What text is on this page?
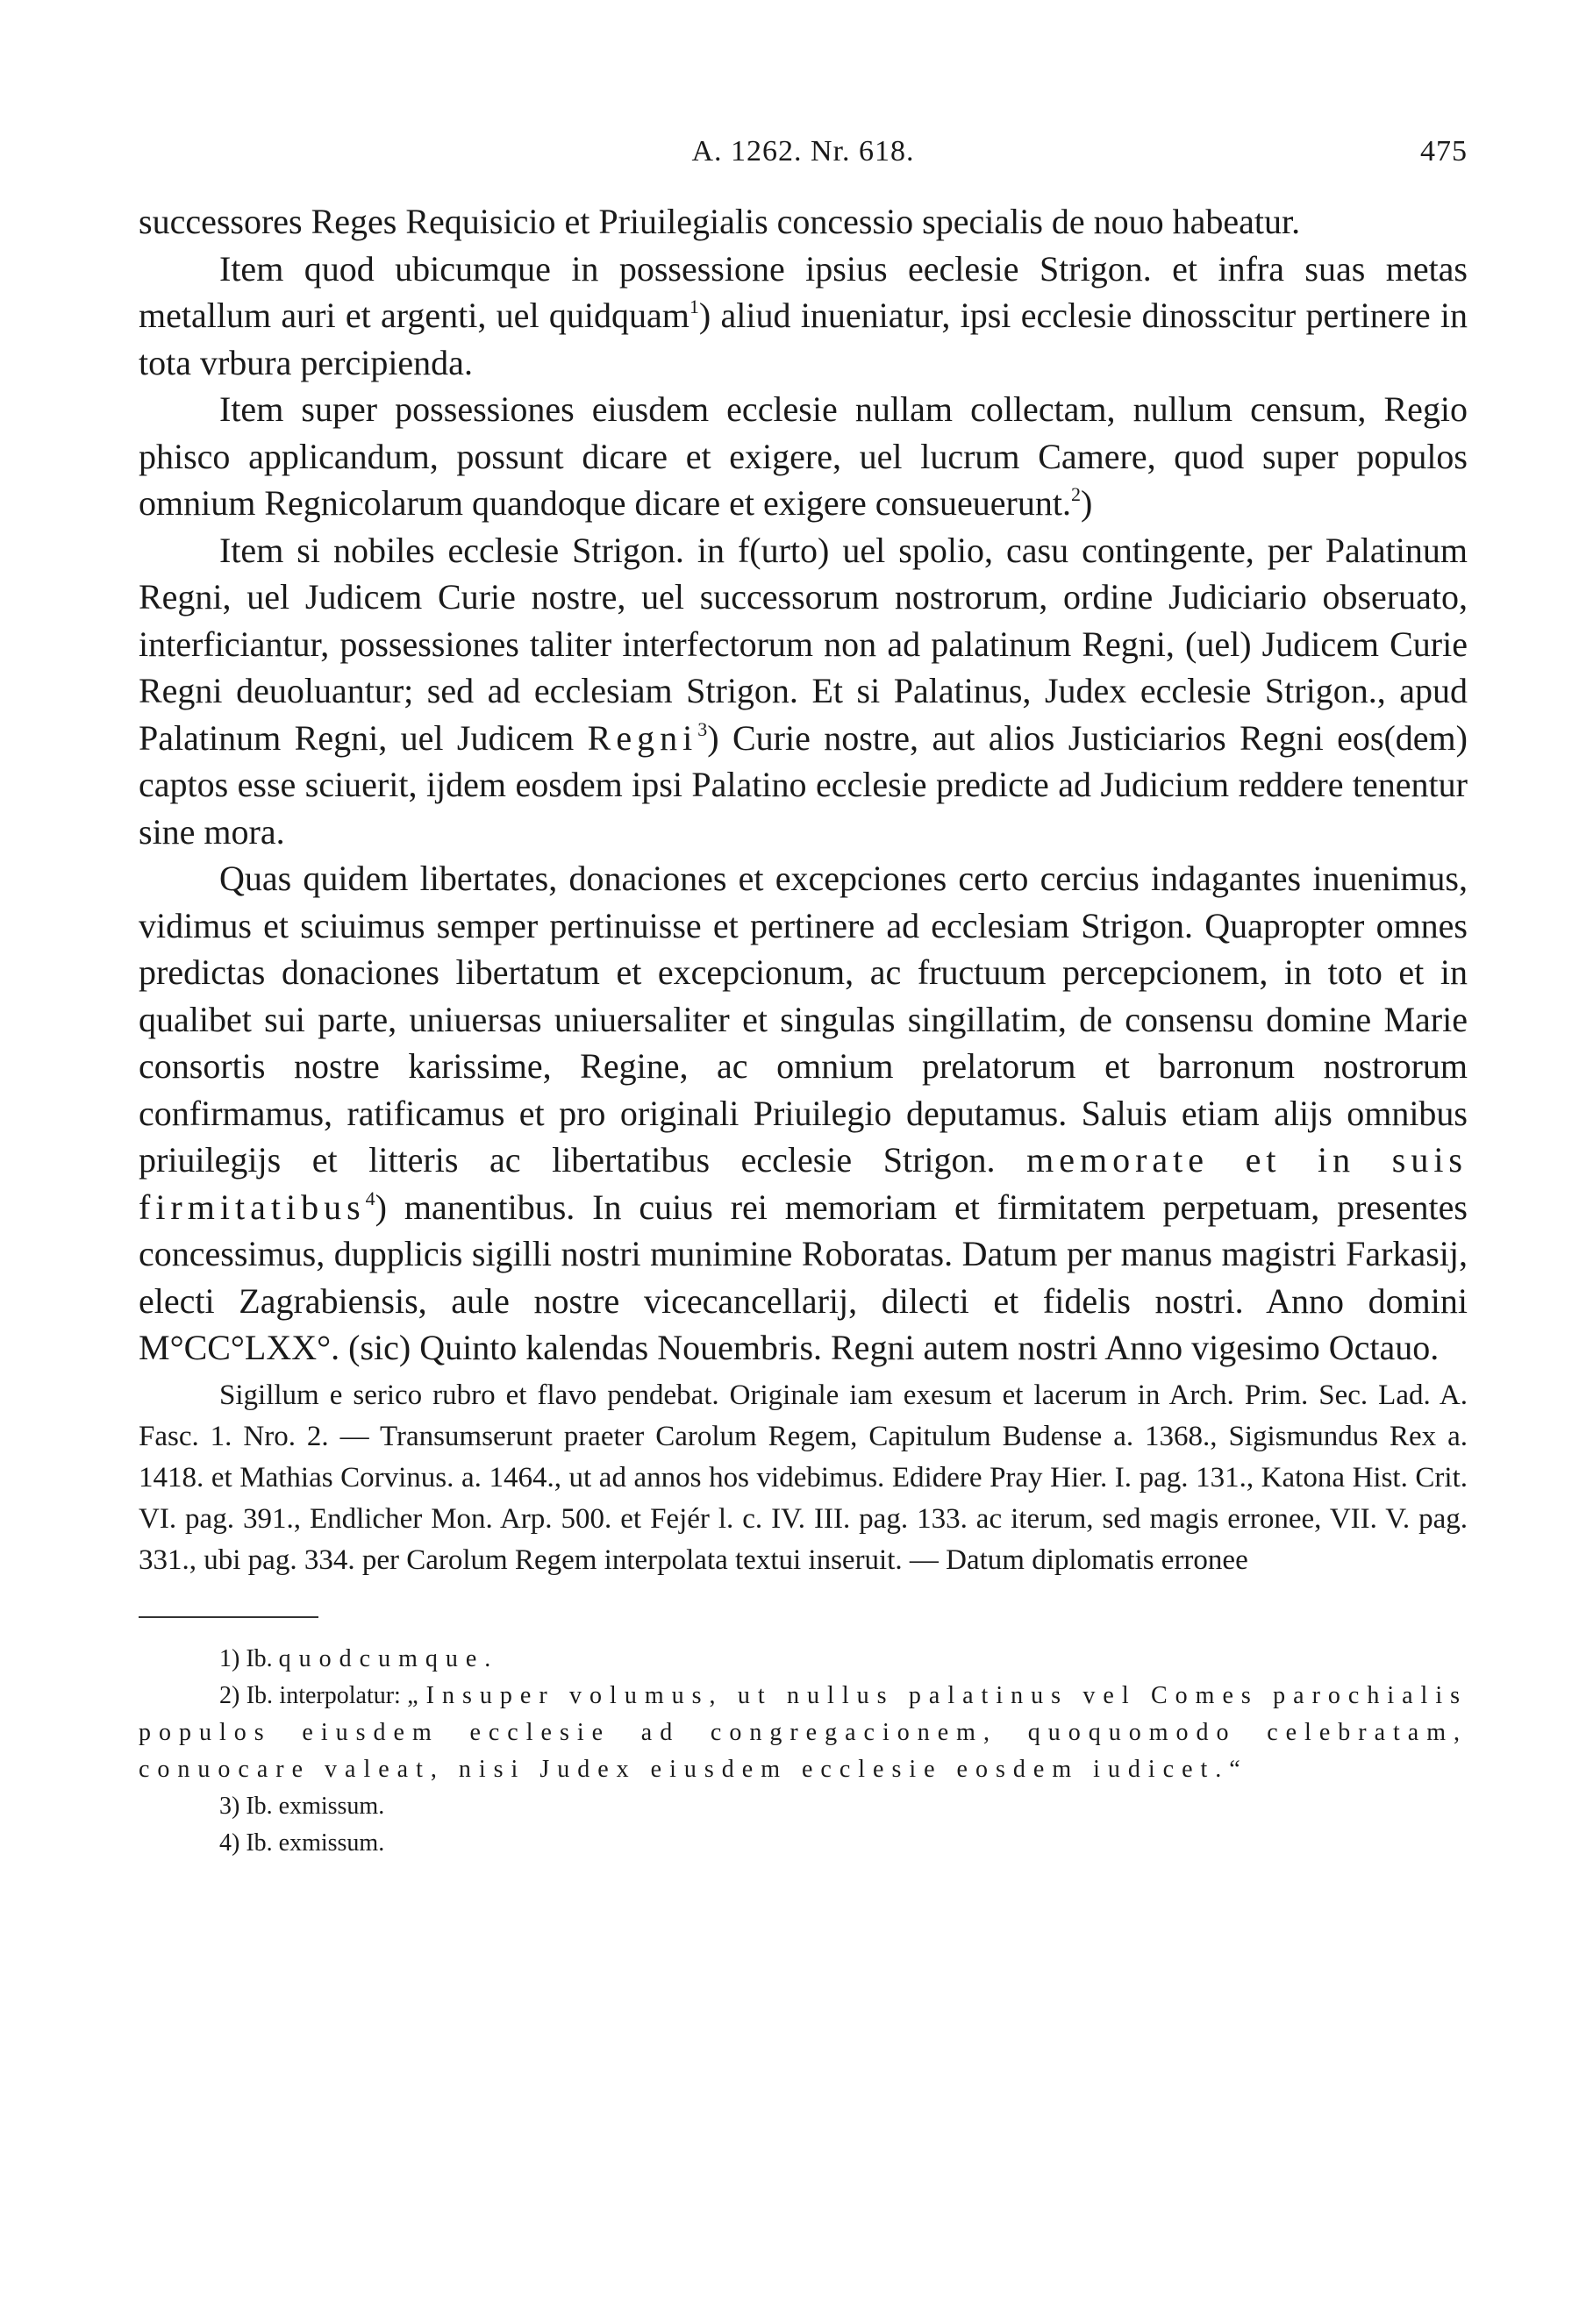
A. 1262. Nr. 618.	475

successores Reges Requisicio et Priuilegialis concessio specialis de nouo habeatur.

Item quod ubicumque in possessione ipsius eeclesie Strigon. et infra suas metas metallum auri et argenti, uel quidquam$^1$) aliud inueniatur, ipsi ecclesie dinosscitur pertinere in tota vrbura percipienda.

Item super possessiones eiusdem ecclesie nullam collectam, nullum censum, Regio phisco applicandum, possunt dicare et exigere, uel lucrum Camere, quod super populos omnium Regnicolarum quandoque dicare et exigere consueuerunt.$^2$)

Item si nobiles ecclesie Strigon. in f(urto) uel spolio, casu contingente, per Palatinum Regni, uel Judicem Curie nostre, uel successorum nostrorum, ordine Judiciario obseruato, interficiantur, possessiones taliter interfectorum non ad palatinum Regni, (uel) Judicem Curie Regni deuoluantur; sed ad ecclesiam Strigon. Et si Palatinus, Judex ecclesie Strigon., apud Palatinum Regni, uel Judicem Regni$^3$) Curie nostre, aut alios Justiciarios Regni eos(dem) captos esse sciuerit, ijdem eosdem ipsi Palatino ecclesie predicte ad Judicium reddere tenentur sine mora.

Quas quidem libertates, donaciones et excepciones certo cercius indagantes inuenimus, vidimus et sciuimus semper pertinuisse et pertinere ad ecclesiam Strigon. Quapropter omnes predictas donaciones libertatum et excepcionum, ac fructuum percepcionem, in toto et in qualibet sui parte, uniuersas uniuersaliter et singulas singillatim, de consensu domine Marie consortis nostre karissime, Regine, ac omnium prelatorum et barronum nostrorum confirmamus, ratificamus et pro originali Priuilegio deputamus. Saluis etiam alijs omnibus priuilegijs et litteris ac libertatibus ecclesie Strigon. memorate et in suis firmitatibus$^4$) manentibus. In cuius rei memoriam et firmitatem perpetuam, presentes concessimus, dupplicis sigilli nostri munimine Roboratas. Datum per manus magistri Farkasij, electi Zagrabiensis, aule nostre vicecancellarij, dilecti et fidelis nostri. Anno domini M°CC°LXX°. (sic) Quinto kalendas Nouembris. Regni autem nostri Anno vigesimo Octauo.

Sigillum e serico rubro et flavo pendebat. Originale iam exesum et lacerum in Arch. Prim. Sec. Lad. A. Fasc. 1. Nro. 2. — Transumserunt praeter Carolum Regem, Capitulum Budense a. 1368., Sigismundus Rex a. 1418. et Mathias Corvinus. a. 1464., ut ad annos hos videbimus. Edidere Pray Hier. I. pag. 131., Katona Hist. Crit. VI. pag. 391., Endlicher Mon. Arp. 500. et Fejér l. c. IV. III. pag. 133. ac iterum, sed magis erronee, VII. V. pag. 331., ubi pag. 334. per Carolum Regem interpolata textui inseruit. — Datum diplomatis erronee

1) Ib. quodcumque.

2) Ib. interpolatur: „Insuper volumus, ut nullus palatinus vel Comes parochialis populos eiusdem ecclesie ad congregacionem, quoquomodo celebratam, conuocare valeat, nisi Judex eiusdem ecclesie eosdem iudicet.“

3) Ib. exmissum.

4) Ib. exmissum.
